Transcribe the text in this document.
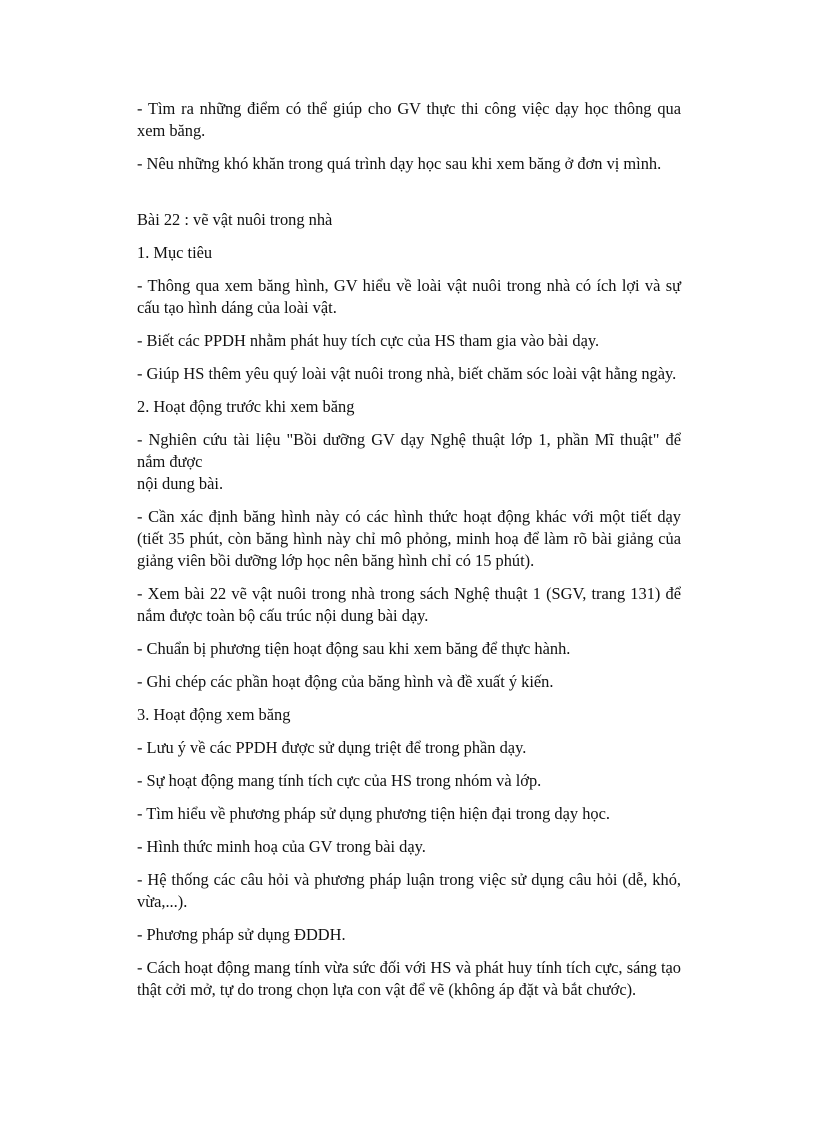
- Tìm ra những điểm có thể giúp cho GV thực thi công việc dạy học thông qua xem băng.

- Nêu những khó khăn trong quá trình dạy học sau khi xem băng ở đơn vị mình.

Bài 22 : vẽ vật nuôi trong nhà

1. Mục tiêu

- Thông qua xem băng hình, GV hiểu về loài vật nuôi trong nhà có ích lợi và sự cấu tạo hình dáng của loài vật.

- Biết các PPDH nhằm phát huy tích cực của HS tham gia vào bài dạy.

- Giúp HS thêm yêu quý loài vật nuôi trong nhà, biết chăm sóc loài vật hằng ngày.

2. Hoạt động trước khi xem băng

- Nghiên cứu tài liệu "Bồi dưỡng GV dạy Nghệ thuật lớp 1, phần Mĩ thuật" để nắm được

nội dung bài.

- Cần xác định băng hình này có các hình thức hoạt động khác với một tiết dạy (tiết 35 phút, còn băng hình này chỉ mô phỏng, minh hoạ để làm rõ bài giảng của giảng viên bồi dưỡng lớp học nên băng hình chỉ có 15 phút).

- Xem bài 22 vẽ vật nuôi trong nhà trong sách Nghệ thuật 1 (SGV, trang 131) để nắm được toàn bộ cấu trúc nội dung bài dạy.

- Chuẩn bị phương tiện hoạt động sau khi xem băng để thực hành.

- Ghi chép các phần hoạt động của băng hình và đề xuất ý kiến.

3. Hoạt động xem băng

- Lưu ý về các PPDH được sử dụng triệt để trong phần dạy.

- Sự hoạt động mang tính tích cực của HS trong nhóm và lớp.

- Tìm hiểu về phương pháp sử dụng phương tiện hiện đại trong dạy học.

- Hình thức minh hoạ của GV trong bài dạy.

- Hệ thống các câu hỏi và phương pháp luận trong việc sử dụng câu hỏi (dễ, khó, vừa,...).

- Phương pháp sử dụng ĐDDH.

- Cách hoạt động mang tính vừa sức đối với HS và phát huy tính tích cực, sáng tạo thật cởi mở, tự do trong chọn lựa con vật để vẽ (không áp đặt và bắt chước).
